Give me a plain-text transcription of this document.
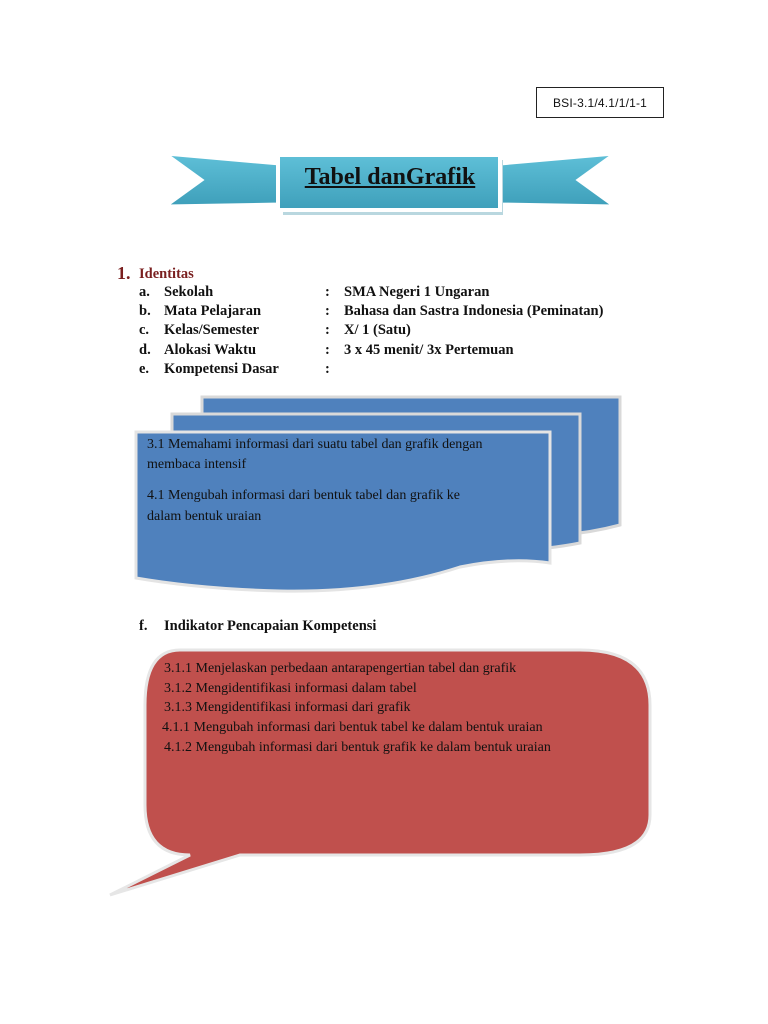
BSI-3.1/4.1/1/1-1
Tabel danGrafik
1. Identitas
a. Sekolah	: SMA Negeri 1 Ungaran
b. Mata Pelajaran	: Bahasa dan Sastra Indonesia (Peminatan)
c. Kelas/Semester	: X/ 1 (Satu)
d. Alokasi Waktu	: 3 x 45 menit/ 3x Pertemuan
e. Kompetensi Dasar	:
3.1 Memahami informasi dari suatu tabel dan grafik dengan
membaca intensif
4.1 Mengubah informasi dari bentuk tabel dan grafik ke
dalam bentuk uraian
f. Indikator Pencapaian Kompetensi
3.1.1 Menjelaskan perbedaan antarapengertian tabel dan grafik
3.1.2 Mengidentifikasi informasi dalam tabel
3.1.3 Mengidentifikasi informasi dari grafik
4.1.1 Mengubah informasi dari bentuk tabel ke dalam bentuk uraian
4.1.2 Mengubah informasi dari bentuk grafik ke dalam bentuk uraian
